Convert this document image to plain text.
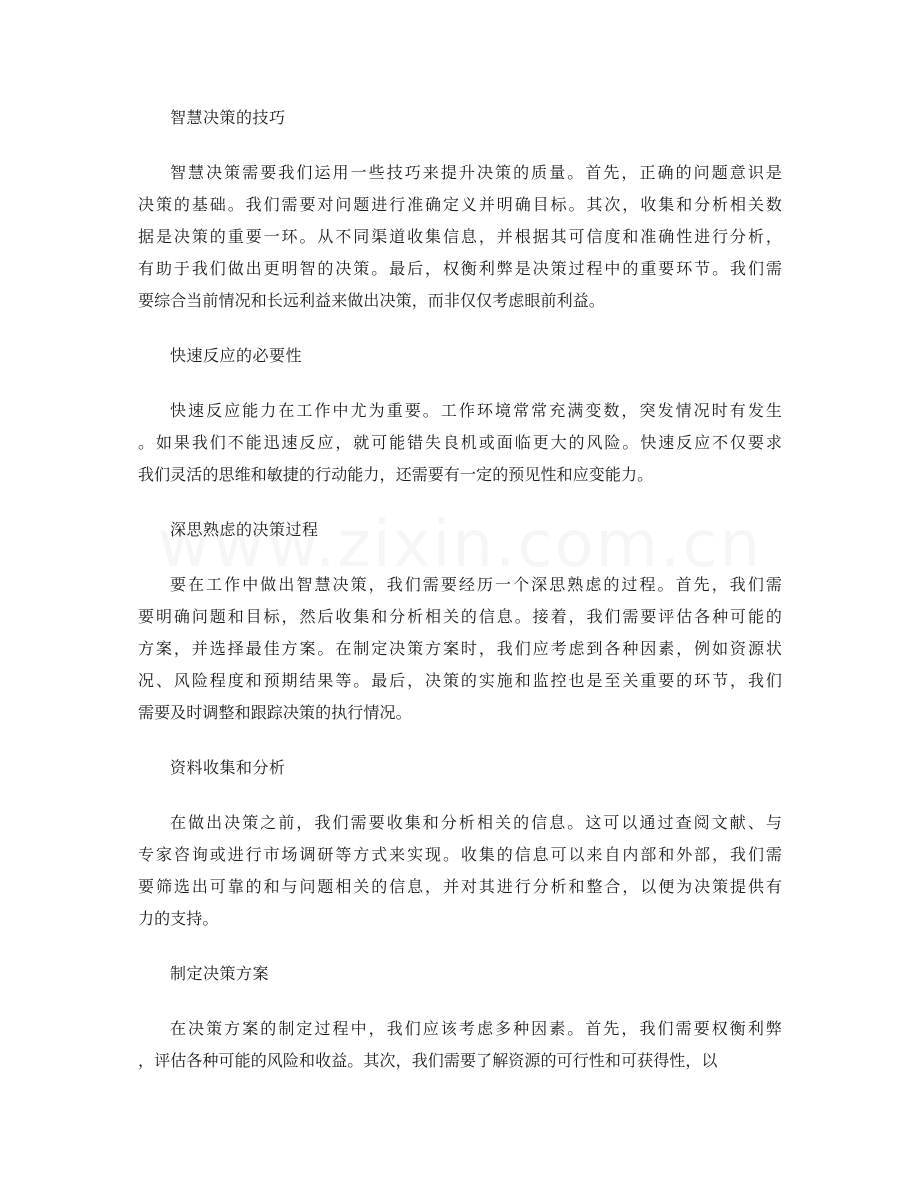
智慧决策的技巧
智慧决策需要我们运用一些技巧来提升决策的质量。首先，正确的问题意识是
决策的基础。我们需要对问题进行准确定义并明确目标。其次，收集和分析相关数
据是决策的重要一环。从不同渠道收集信息，并根据其可信度和准确性进行分析，
有助于我们做出更明智的决策。最后，权衡利弊是决策过程中的重要环节。我们需
要综合当前情况和长远利益来做出决策，而非仅仅考虑眼前利益。
快速反应的必要性
快速反应能力在工作中尤为重要。工作环境常常充满变数，突发情况时有发生
。如果我们不能迅速反应，就可能错失良机或面临更大的风险。快速反应不仅要求
我们灵活的思维和敏捷的行动能力，还需要有一定的预见性和应变能力。
深思熟虑的决策过程
要在工作中做出智慧决策，我们需要经历一个深思熟虑的过程。首先，我们需
要明确问题和目标，然后收集和分析相关的信息。接着，我们需要评估各种可能的
方案，并选择最佳方案。在制定决策方案时，我们应考虑到各种因素，例如资源状
况、风险程度和预期结果等。最后，决策的实施和监控也是至关重要的环节，我们
需要及时调整和跟踪决策的执行情况。
资料收集和分析
在做出决策之前，我们需要收集和分析相关的信息。这可以通过查阅文献、与
专家咨询或进行市场调研等方式来实现。收集的信息可以来自内部和外部，我们需
要筛选出可靠的和与问题相关的信息，并对其进行分析和整合，以便为决策提供有
力的支持。
制定决策方案
在决策方案的制定过程中，我们应该考虑多种因素。首先，我们需要权衡利弊
，评估各种可能的风险和收益。其次，我们需要了解资源的可行性和可获得性，以
